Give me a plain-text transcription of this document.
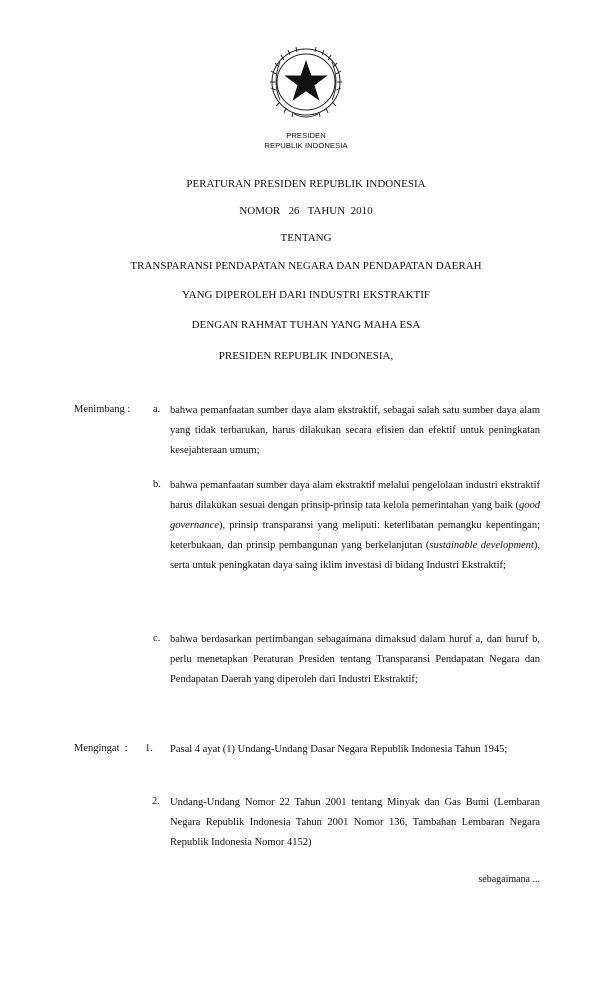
PRESIDEN
REPUBLIK INDONESIA
PERATURAN PRESIDEN REPUBLIK INDONESIA
NOMOR   26   TAHUN  2010
TENTANG
TRANSPARANSI PENDAPATAN NEGARA DAN PENDAPATAN DAERAH
YANG DIPEROLEH DARI INDUSTRI EKSTRAKTIF
DENGAN RAHMAT TUHAN YANG MAHA ESA
PRESIDEN REPUBLIK INDONESIA,
Menimbang : a. bahwa pemanfaatan sumber daya alam ekstraktif, sebagai salah satu sumber daya alam yang tidak terbarukan, harus dilakukan secara efisien dan efektif untuk peningkatan kesejahteraan umum;
b. bahwa pemanfaatan sumber daya alam ekstraktif melalui pengelolaan industri ekstraktif harus dilakukan sesuai dengan prinsip-prinsip tata kelola pemerintahan yang baik (good governance), prinsip transparansi yang meliputi: keterlibatan pemangku kepentingan; keterbukaan, dan prinsip pembangunan yang berkelanjutan (sustainable development), serta untuk peningkatan daya saing iklim investasi di bidang Industri Ekstraktif;
c. bahwa berdasarkan pertimbangan sebagaimana dimaksud dalam huruf a, dan huruf b, perlu menetapkan Peraturan Presiden tentang Transparansi Pendapatan Negara dan Pendapatan Daerah yang diperoleh dari Industri Ekstraktif;
Mengingat  : 1. Pasal 4 ayat (1) Undang-Undang Dasar Negara Republik Indonesia Tahun 1945;
2. Undang-Undang Nomor 22 Tahun 2001 tentang Minyak dan Gas Bumi (Lembaran Negara Republik Indonesia Tahun 2001 Nomor 136, Tambahan Lembaran Negara Republik Indonesia Nomor 4152)
sebagaimana ...
